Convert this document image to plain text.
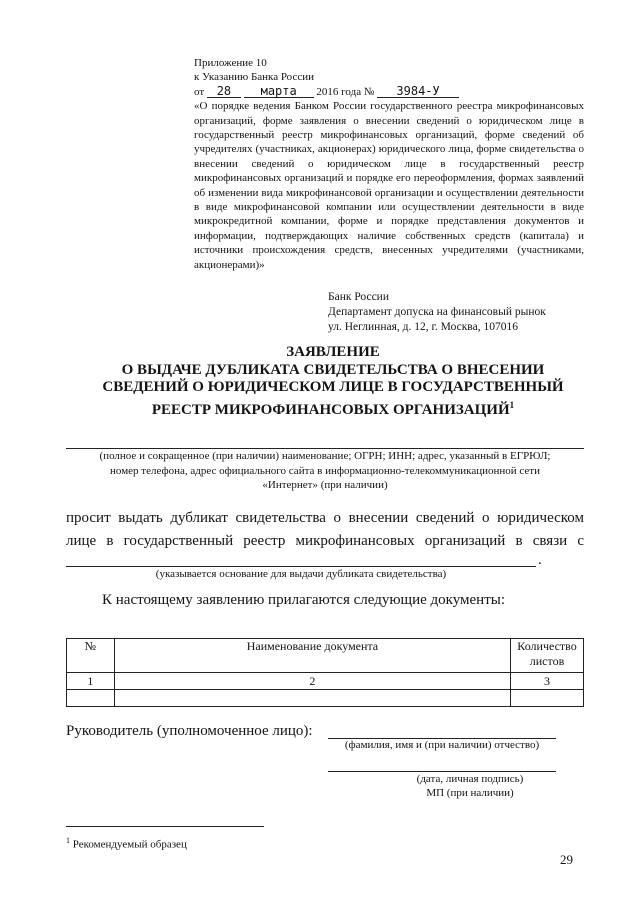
Приложение 10
к Указанию Банка России
от 28 марта 2016 года № 3984-У
«О порядке ведения Банком России государственного реестра микрофинансовых организаций, форме заявления о внесении сведений о юридическом лице в государственный реестр микрофинансовых организаций, форме сведений об учредителях (участниках, акционерах) юридического лица, форме свидетельства о внесении сведений о юридическом лице в государственный реестр микрофинансовых организаций и порядке его переоформления, формах заявлений об изменении вида микрофинансовой организации и осуществлении деятельности в виде микрофинансовой компании или осуществлении деятельности в виде микрокредитной компании, форме и порядке представления документов и информации, подтверждающих наличие собственных средств (капитала) и источники происхождения средств, внесенных учредителями (участниками, акционерами)»
Банк России
Департамент допуска на финансовый рынок
ул. Неглинная, д. 12, г. Москва, 107016
ЗАЯВЛЕНИЕ
О ВЫДАЧЕ ДУБЛИКАТА СВИДЕТЕЛЬСТВА О ВНЕСЕНИИ
СВЕДЕНИЙ О ЮРИДИЧЕСКОМ ЛИЦЕ В ГОСУДАРСТВЕННЫЙ
РЕЕСТР МИКРОФИНАНСОВЫХ ОРГАНИЗАЦИЙ$^1$
(полное и сокращенное (при наличии) наименование; ОГРН; ИНН; адрес, указанный в ЕГРЮЛ;
номер телефона, адрес официального сайта в информационно-телекоммуникационной сети
«Интернет» (при наличии)
просит выдать дубликат свидетельства о внесении сведений о юридическом
лице в государственный реестр микрофинансовых организаций в связи с
.
(указывается основание для выдачи дубликата свидетельства)
К настоящему заявлению прилагаются следующие документы:
№	Наименование документа	Количество листов
1	2	3

Руководитель (уполномоченное лицо):
(фамилия, имя и (при наличии) отчество)
(дата, личная подпись)
МП (при наличии)
$^1$ Рекомендуемый образец
29
